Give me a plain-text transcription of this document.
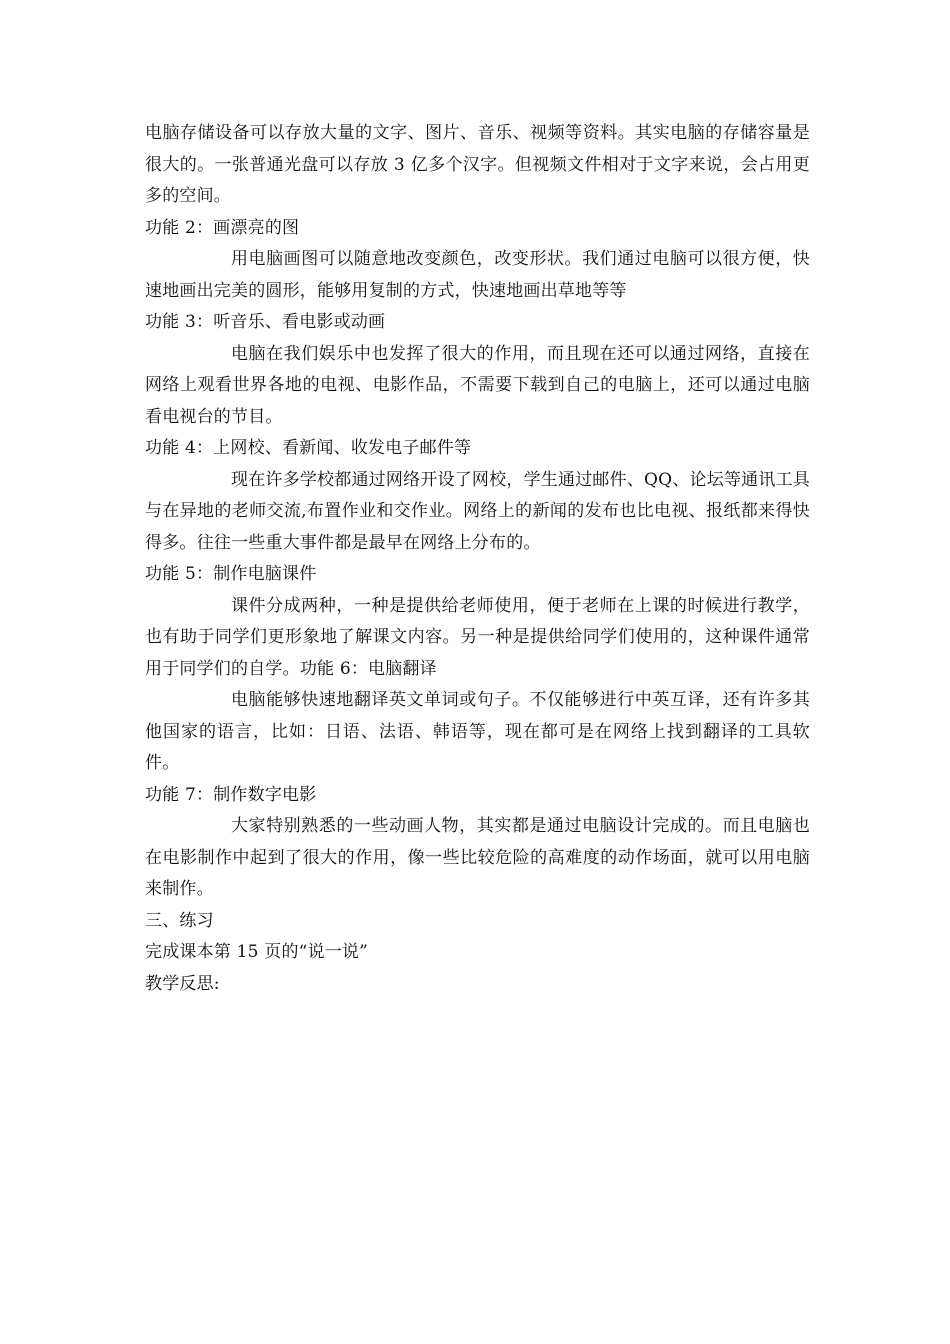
电脑存储设备可以存放大量的文字、图片、音乐、视频等资料。其实电脑的存储容量是很大的。一张普通光盘可以存放 3 亿多个汉字。但视频文件相对于文字来说，会占用更多的空间。

功能 2：画漂亮的图

用电脑画图可以随意地改变颜色，改变形状。我们通过电脑可以很方便，快速地画出完美的圆形，能够用复制的方式，快速地画出草地等等

功能 3：听音乐、看电影或动画

电脑在我们娱乐中也发挥了很大的作用，而且现在还可以通过网络，直接在网络上观看世界各地的电视、电影作品，不需要下载到自己的电脑上，还可以通过电脑看电视台的节目。

功能 4：上网校、看新闻、收发电子邮件等

现在许多学校都通过网络开设了网校，学生通过邮件、QQ、论坛等通讯工具与在异地的老师交流,布置作业和交作业。网络上的新闻的发布也比电视、报纸都来得快得多。往往一些重大事件都是最早在网络上分布的。

功能 5：制作电脑课件

课件分成两种，一种是提供给老师使用，便于老师在上课的时候进行教学，也有助于同学们更形象地了解课文内容。另一种是提供给同学们使用的，这种课件通常用于同学们的自学。功能 6：电脑翻译

电脑能够快速地翻译英文单词或句子。不仅能够进行中英互译，还有许多其他国家的语言，比如：日语、法语、韩语等，现在都可是在网络上找到翻译的工具软件。

功能 7：制作数字电影

大家特别熟悉的一些动画人物，其实都是通过电脑设计完成的。而且电脑也在电影制作中起到了很大的作用，像一些比较危险的高难度的动作场面，就可以用电脑来制作。

三、练习

完成课本第 15 页的“说一说”

教学反思:
